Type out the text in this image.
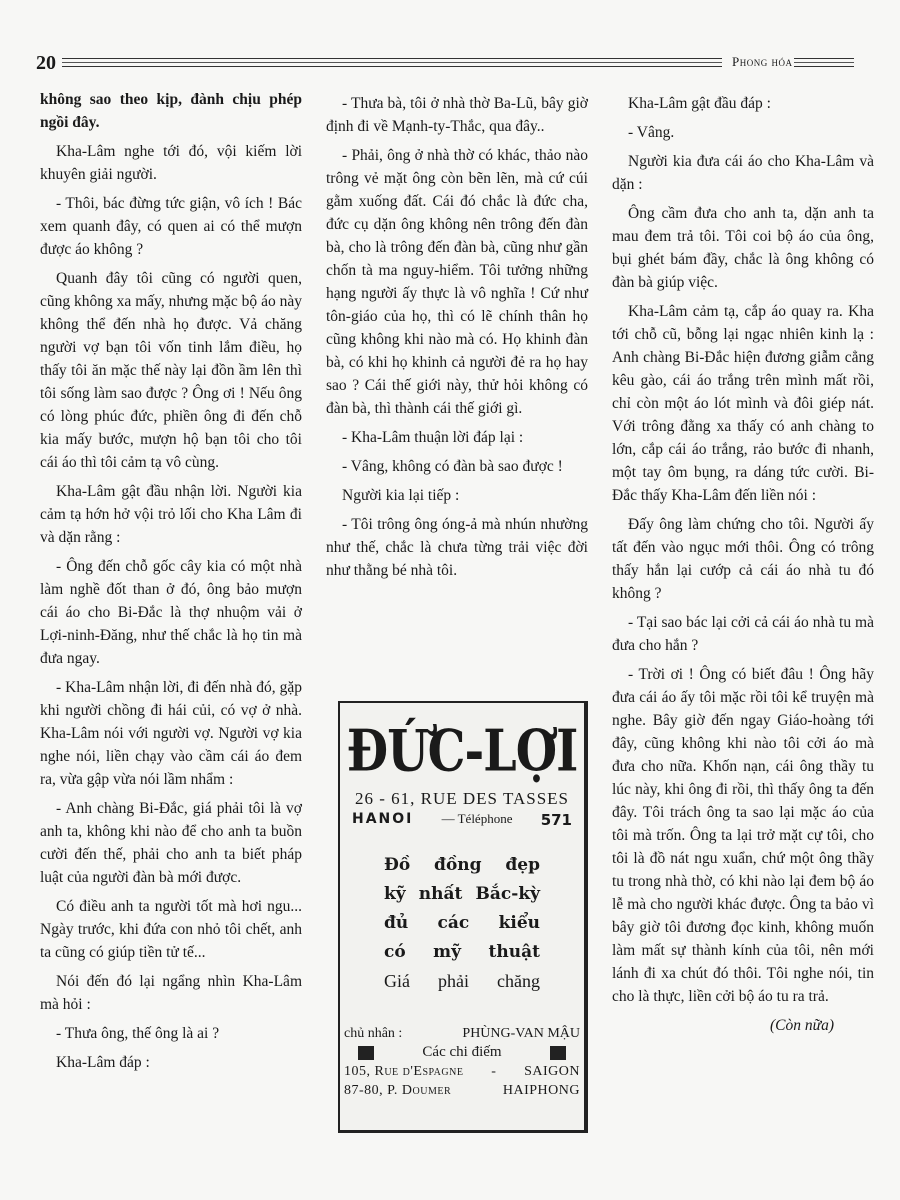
20	Phong hóa

không sao theo kịp, đành chịu phép ngồi đây.

Kha-Lâm nghe tới đó, vội kiếm lời khuyên giải người.

- Thôi, bác đừng tức giận, vô ích ! Bác xem quanh đây, có quen ai có thể mượn được áo không ?

Quanh đây tôi cũng có người quen, cũng không xa mấy, nhưng mặc bộ áo này không thể đến nhà họ được. Vả chăng người vợ bạn tôi vốn tinh lắm điều, họ thấy tôi ăn mặc thế này lại đồn ầm lên thì tôi sống làm sao được ? Ông ơi ! Nếu ông có lòng phúc đức, phiền ông đi đến chỗ kia mấy bước, mượn hộ bạn tôi cho tôi cái áo thì tôi cảm tạ vô cùng.

Kha-Lâm gật đầu nhận lời. Người kia cảm tạ hớn hở vội trỏ lối cho Kha Lâm đi và dặn rằng :

- Ông đến chỗ gốc cây kia có một nhà làm nghề đốt than ở đó, ông bảo mượn cái áo cho Bi-Đắc là thợ nhuộm vải ở Lợi-ninh-Đăng, như thế chắc là họ tin mà đưa ngay.

- Kha-Lâm nhận lời, đi đến nhà đó, gặp khi người chồng đi hái củi, có vợ ở nhà. Kha-Lâm nói với người vợ. Người vợ kia nghe nói, liền chạy vào cầm cái áo đem ra, vừa gập vừa nói lầm nhẩm :

- Anh chàng Bi-Đắc, giá phải tôi là vợ anh ta, không khi nào để cho anh ta buồn cười đến thế, phải cho anh ta biết pháp luật của người đàn bà mới được.

Có điều anh ta người tốt mà hơi ngu... Ngày trước, khi đứa con nhỏ tôi chết, anh ta cũng có giúp tiền tử tế...

Nói đến đó lại ngẩng nhìn Kha-Lâm mà hỏi :

- Thưa ông, thế ông là ai ?

Kha-Lâm đáp :

- Thưa bà, tôi ở nhà thờ Ba-Lũ, bây giờ định đi về Mạnh-ty-Thắc, qua đây..

- Phải, ông ở nhà thờ có khác, thảo nào trông vẻ mặt ông còn bẽn lẽn, mà cứ cúi gằm xuống đất. Cái đó chắc là đức cha, đức cụ dặn ông không nên trông đến đàn bà, cho là trông đến đàn bà, cũng như gần chốn tà ma nguy-hiểm. Tôi tưởng những hạng người ấy thực là vô nghĩa ! Cứ như tôn-giáo của họ, thì có lẽ chính thân họ cũng không khi nào mà có. Họ khinh đàn bà, có khi họ khinh cả người đẻ ra họ hay sao ? Cái thế giới này, thử hỏi không có đàn bà, thì thành cái thế giới gì.

- Kha-Lâm thuận lời đáp lại :

- Vâng, không có đàn bà sao được !

Người kia lại tiếp :

- Tôi trông ông óng-ả mà nhún nhường như thế, chắc là chưa từng trải việc đời như thằng bé nhà tôi.

Kha-Lâm gật đầu đáp :

- Vâng.

Người kia đưa cái áo cho Kha-Lâm và dặn :

Ông cầm đưa cho anh ta, dặn anh ta mau đem trả tôi. Tôi coi bộ áo của ông, bụi ghét bám đầy, chắc là ông không có đàn bà giúp việc.

Kha-Lâm cảm tạ, cắp áo quay ra. Kha tới chỗ cũ, bỗng lại ngạc nhiên kinh lạ : Anh chàng Bi-Đắc hiện đương giẫm cẳng kêu gào, cái áo trắng trên mình mất rồi, chỉ còn một áo lót mình và đôi giép nát. Với trông đằng xa thấy có anh chàng to lớn, cắp cái áo trắng, rảo bước đi nhanh, một tay ôm bụng, ra dáng tức cười. Bi-Đắc thấy Kha-Lâm đến liền nói :

Đấy ông làm chứng cho tôi. Người ấy tất đến vào ngục mới thôi. Ông có trông thấy hắn lại cướp cả cái áo nhà tu đó không ?

- Tại sao bác lại cởi cả cái áo nhà tu mà đưa cho hắn ?

- Trời ơi ! Ông có biết đâu ! Ông hãy đưa cái áo ấy tôi mặc rồi tôi kể truyện mà nghe. Bây giờ đến ngay Giáo-hoàng tới đây, cũng không khi nào tôi cởi áo mà đưa cho nữa. Khốn nạn, cái ông thầy tu lúc này, khi ông đi rồi, thì thấy ông ta đến đây. Tôi trách ông ta sao lại mặc áo của tôi mà trốn. Ông ta lại trở mặt cự tôi, cho tôi là đồ nát ngu xuẩn, chứ một ông thầy tu trong nhà thờ, có khi nào lại đem bộ áo lễ mà cho người khác được. Ông ta bảo vì bây giờ tôi đương đọc kinh, không muốn làm mất sự thành kính của tôi, nên mới lánh đi xa chút đó thôi. Tôi nghe nói, tin cho là thực, liền cởi bộ áo tu ra trả.

(Còn nữa)

ĐỨC-LỢI
26 - 61, RUE DES TASSES
HANOI — Téléphone 571
Đồ đồng đẹp
kỹ nhất Bắc-kỳ
đủ các kiểu
có mỹ thuật
Giá phải chăng
chủ nhân :	PHÙNG-VAN MẬU
Các chi điếm
105, Rue d'Espagne - SAIGON
87-80, P. Doumer	HAIPHONG
